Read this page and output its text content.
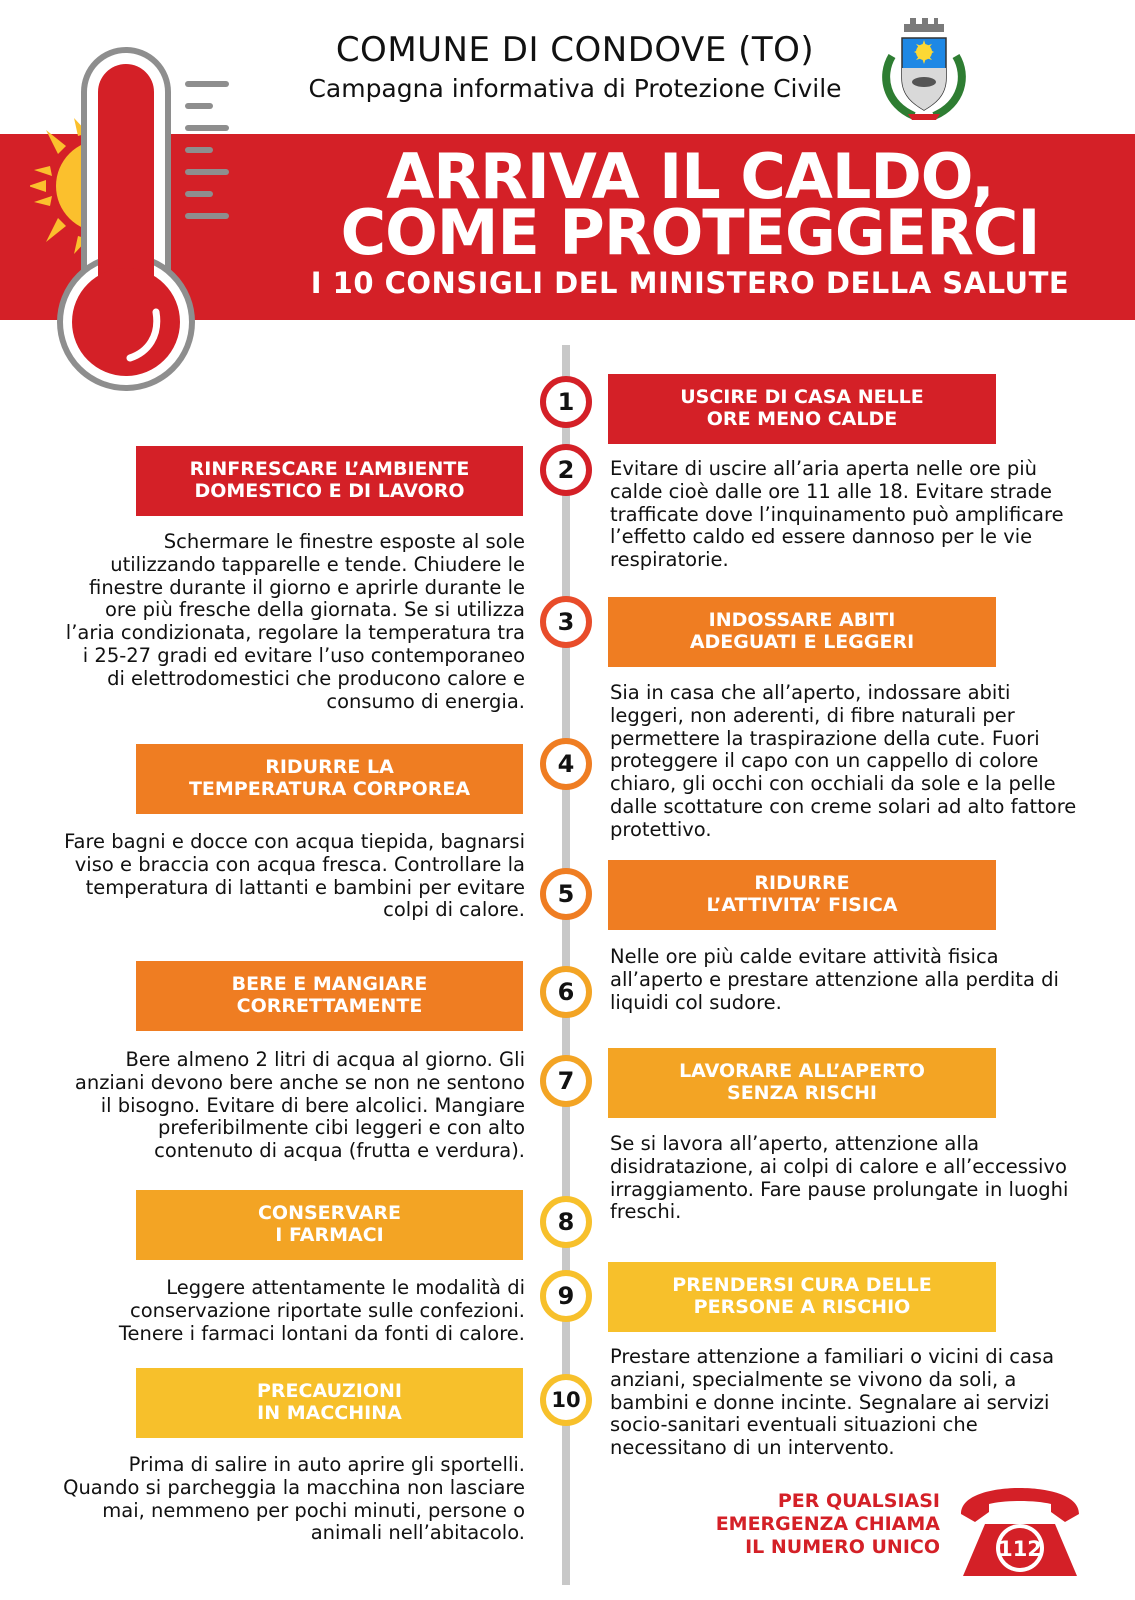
COMUNE DI CONDOVE (TO)
Campagna informativa di Protezione Civile
ARRIVA IL CALDO,
COME PROTEGGERCI
I 10 CONSIGLI DEL MINISTERO DELLA SALUTE
1	USCIRE DI CASA NELLE
ORE MENO CALDE
Evitare di uscire all’aria aperta nelle ore più calde cioè dalle ore 11 alle 18. Evitare strade trafficate dove l’inquinamento può amplificare l’effetto caldo ed essere dannoso per le vie respiratorie.
2
RINFRESCARE L’AMBIENTE
DOMESTICO E DI LAVORO
Schermare le finestre esposte al sole utilizzando tapparelle e tende. Chiudere le finestre durante il giorno e aprirle durante le ore più fresche della giornata. Se si utilizza l’aria condizionata, regolare la temperatura tra i 25-27 gradi ed evitare l’uso contemporaneo di elettrodomestici che producono calore e consumo di energia.
3	INDOSSARE ABITI
ADEGUATI E LEGGERI
Sia in casa che all’aperto, indossare abiti leggeri, non aderenti, di fibre naturali per permettere la traspirazione della cute. Fuori proteggere il capo con un cappello di colore chiaro, gli occhi con occhiali da sole e la pelle dalle scottature con creme solari ad alto fattore protettivo.
4
RIDURRE LA
TEMPERATURA CORPOREA
Fare bagni e docce con acqua tiepida, bagnarsi viso e braccia con acqua fresca. Controllare la temperatura di lattanti e bambini per evitare colpi di calore.
5	RIDURRE
L’ATTIVITA’ FISICA
Nelle ore più calde evitare attività fisica all’aperto e prestare attenzione alla perdita di liquidi col sudore.
6
BERE E MANGIARE
CORRETTAMENTE
Bere almeno 2 litri di acqua al giorno. Gli anziani devono bere anche se non ne sentono il bisogno. Evitare di bere alcolici. Mangiare preferibilmente cibi leggeri e con alto contenuto di acqua (frutta e verdura).
7	LAVORARE ALL’APERTO
SENZA RISCHI
Se si lavora all’aperto, attenzione alla disidratazione, ai colpi di calore e all’eccessivo irraggiamento. Fare pause prolungate in luoghi freschi.
8
CONSERVARE
I FARMACI
Leggere attentamente le modalità di conservazione riportate sulle confezioni. Tenere i farmaci lontani da fonti di calore.
9	PRENDERSI CURA DELLE
PERSONE A RISCHIO
Prestare attenzione a familiari o vicini di casa anziani, specialmente se vivono da soli, a bambini e donne incinte. Segnalare ai servizi socio-sanitari eventuali situazioni che necessitano di un intervento.
10
PRECAUZIONI
IN MACCHINA
Prima di salire in auto aprire gli sportelli. Quando si parcheggia la macchina non lasciare mai, nemmeno per pochi minuti, persone o animali nell’abitacolo.
PER QUALSIASI
EMERGENZA CHIAMA
IL NUMERO UNICO	112
